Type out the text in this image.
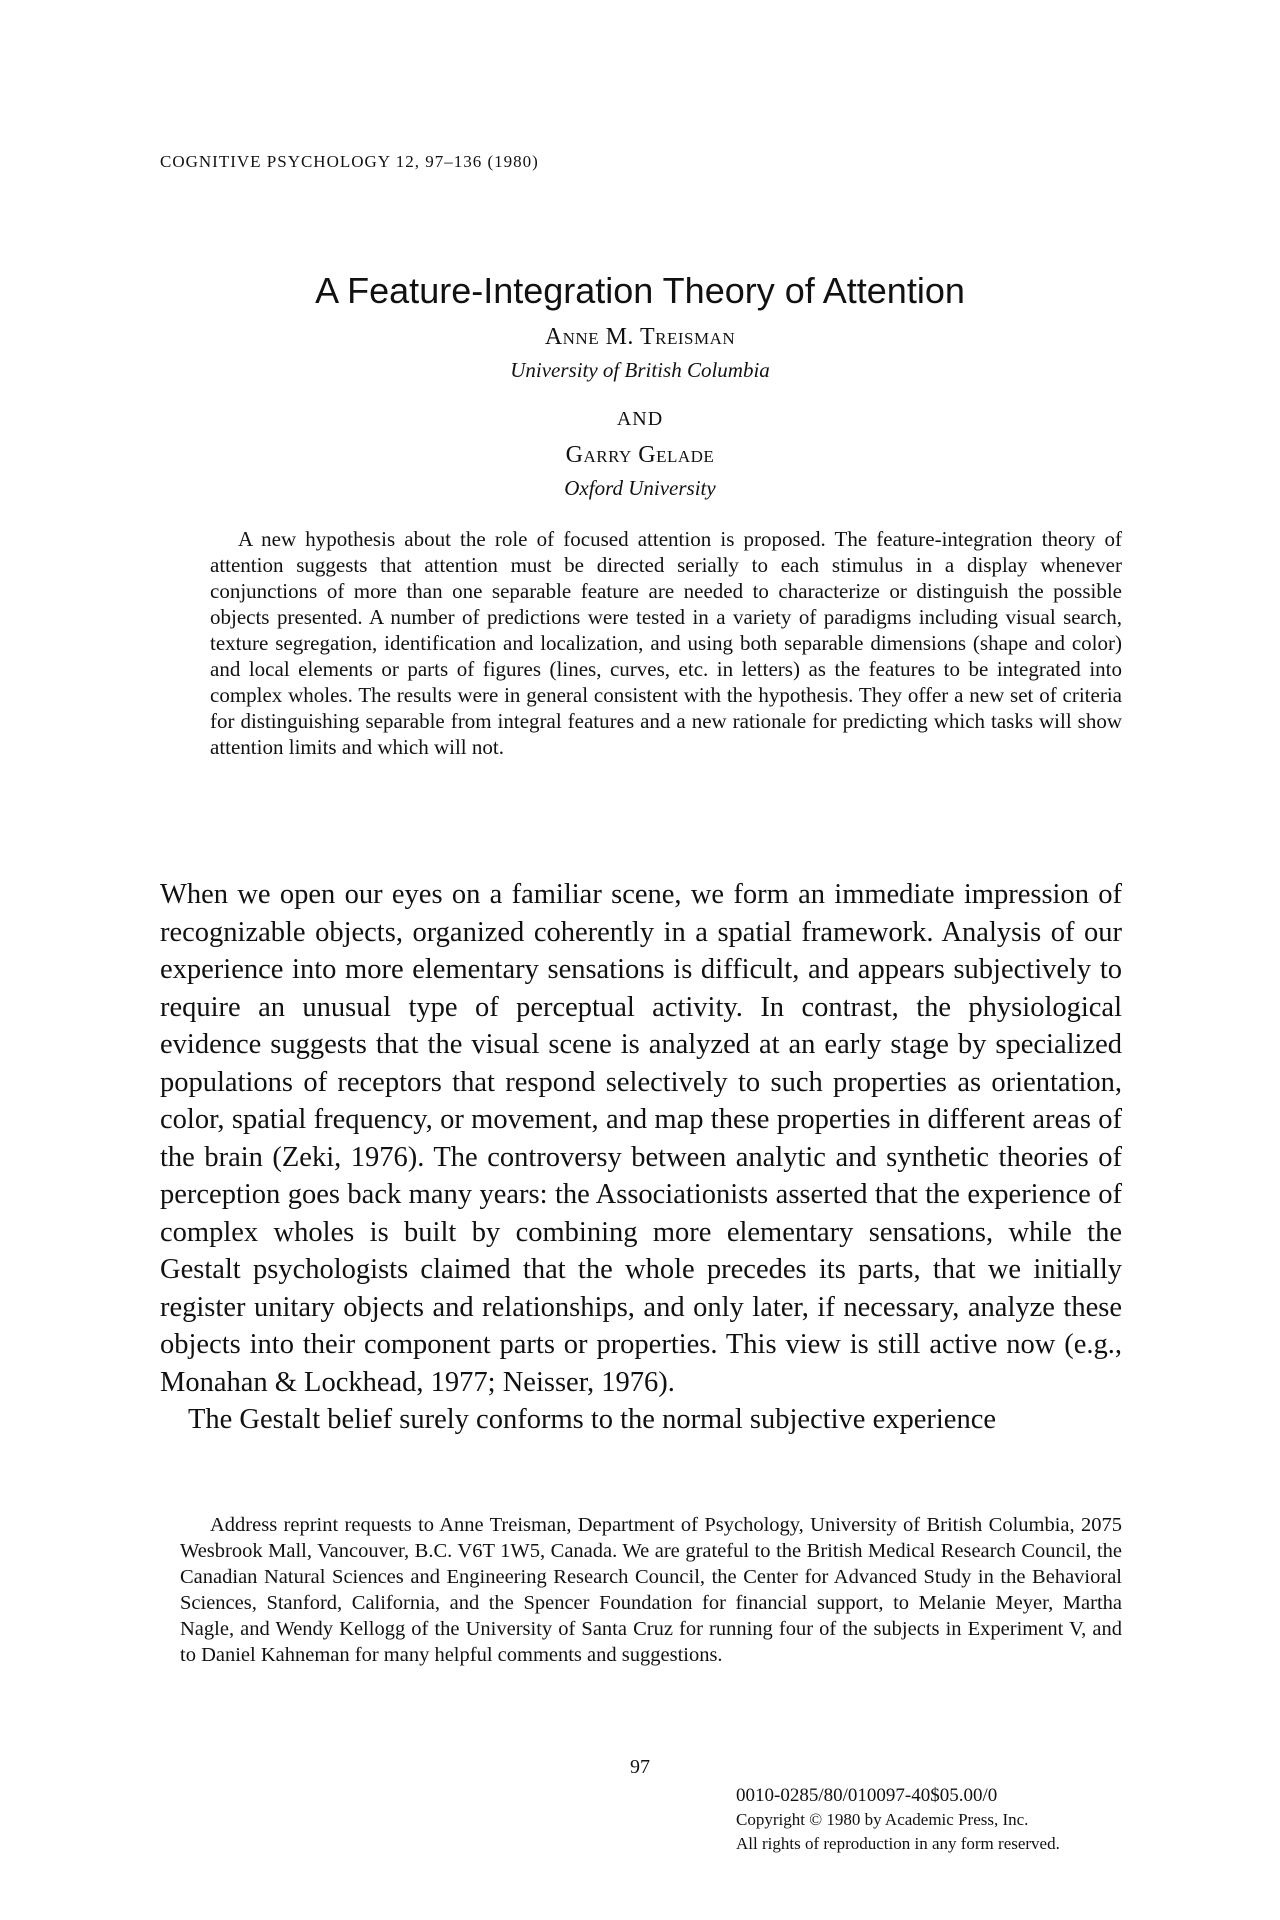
COGNITIVE PSYCHOLOGY 12, 97–136 (1980)
A Feature-Integration Theory of Attention
Anne M. Treisman
University of British Columbia
AND
Garry Gelade
Oxford University

A new hypothesis about the role of focused attention is proposed. The feature-integration theory of attention suggests that attention must be directed serially to each stimulus in a display whenever conjunctions of more than one separable feature are needed to characterize or distinguish the possible objects presented. A number of predictions were tested in a variety of paradigms including visual search, texture segregation, identification and localization, and using both separable dimensions (shape and color) and local elements or parts of figures (lines, curves, etc. in letters) as the features to be integrated into complex wholes. The results were in general consistent with the hypothesis. They offer a new set of criteria for distinguishing separable from integral features and a new rationale for predicting which tasks will show attention limits and which will not.

When we open our eyes on a familiar scene, we form an immediate impression of recognizable objects, organized coherently in a spatial framework. Analysis of our experience into more elementary sensations is difficult, and appears subjectively to require an unusual type of perceptual activity. In contrast, the physiological evidence suggests that the visual scene is analyzed at an early stage by specialized populations of receptors that respond selectively to such properties as orientation, color, spatial frequency, or movement, and map these properties in different areas of the brain (Zeki, 1976). The controversy between analytic and synthetic theories of perception goes back many years: the Associationists asserted that the experience of complex wholes is built by combining more elementary sensations, while the Gestalt psychologists claimed that the whole precedes its parts, that we initially register unitary objects and relationships, and only later, if necessary, analyze these objects into their component parts or properties. This view is still active now (e.g., Monahan & Lockhead, 1977; Neisser, 1976).

The Gestalt belief surely conforms to the normal subjective experience

Address reprint requests to Anne Treisman, Department of Psychology, University of British Columbia, 2075 Wesbrook Mall, Vancouver, B.C. V6T 1W5, Canada. We are grateful to the British Medical Research Council, the Canadian Natural Sciences and Engineering Research Council, the Center for Advanced Study in the Behavioral Sciences, Stanford, California, and the Spencer Foundation for financial support, to Melanie Meyer, Martha Nagle, and Wendy Kellogg of the University of Santa Cruz for running four of the subjects in Experiment V, and to Daniel Kahneman for many helpful comments and suggestions.

97
0010-0285/80/010097-40$05.00/0
Copyright © 1980 by Academic Press, Inc.
All rights of reproduction in any form reserved.
